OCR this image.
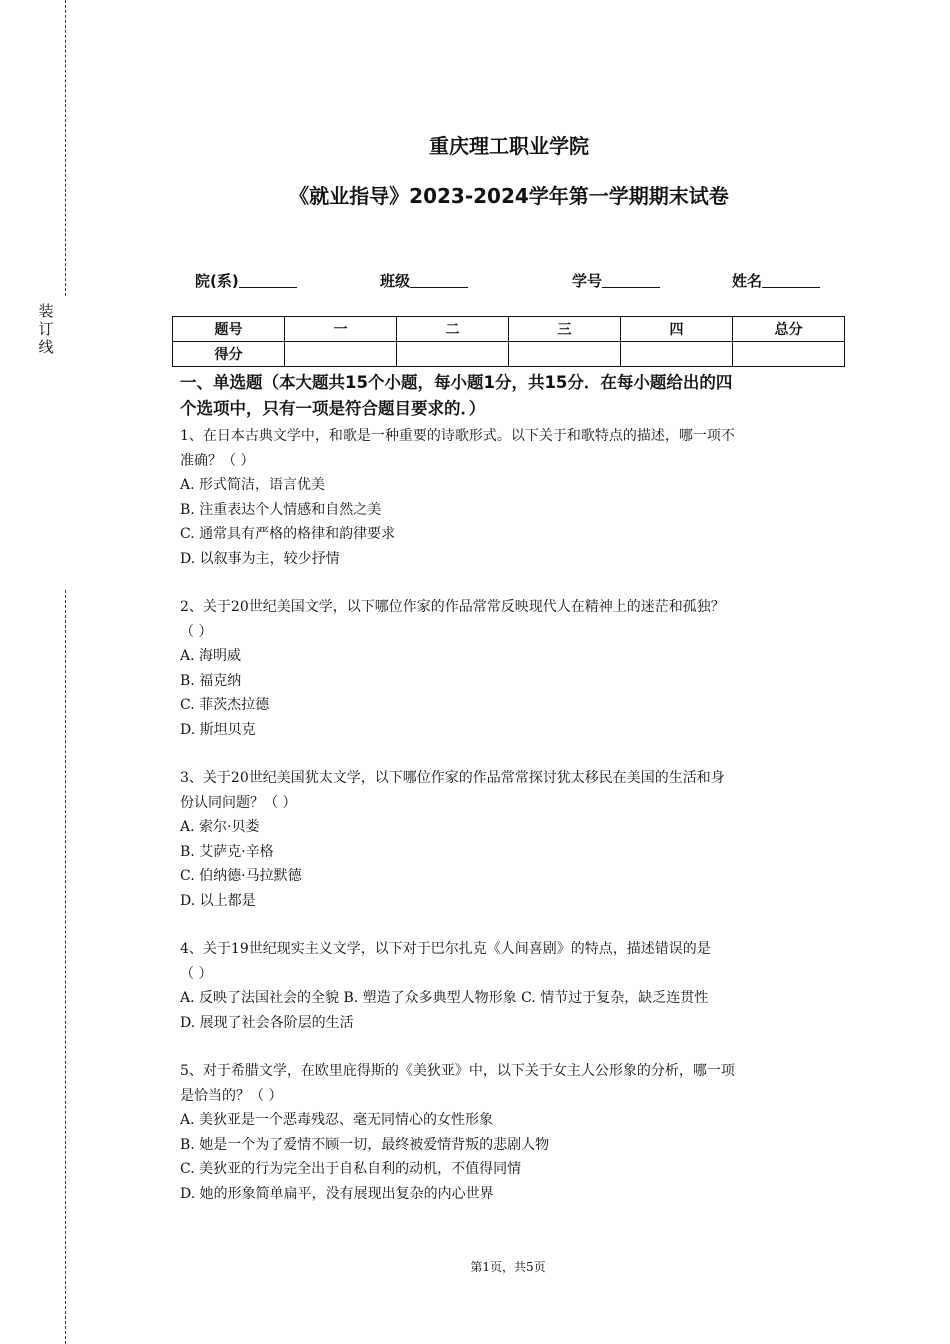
装
订
线
重庆理工职业学院
《就业指导》2023-2024学年第一学期期末试卷
院(系)	班级	学号	姓名
题号	一	二	三	四	总分
得分					
一、单选题（本大题共15个小题，每小题1分，共15分．在每小题给出的四
个选项中，只有一项是符合题目要求的．）

1、在日本古典文学中，和歌是一种重要的诗歌形式。以下关于和歌特点的描述，哪一项不

准确？（ ）

A. 形式简洁，语言优美

B. 注重表达个人情感和自然之美

C. 通常具有严格的格律和韵律要求

D. 以叙事为主，较少抒情

2、关于20世纪美国文学，以下哪位作家的作品常常反映现代人在精神上的迷茫和孤独？

（ ）

A. 海明威

B. 福克纳

C. 菲茨杰拉德

D. 斯坦贝克

3、关于20世纪美国犹太文学，以下哪位作家的作品常常探讨犹太移民在美国的生活和身

份认同问题？（ ）

A. 索尔·贝娄

B. 艾萨克·辛格

C. 伯纳德·马拉默德

D. 以上都是

4、关于19世纪现实主义文学，以下对于巴尔扎克《人间喜剧》的特点，描述错误的是

（ ）

A. 反映了法国社会的全貌 B. 塑造了众多典型人物形象 C. 情节过于复杂，缺乏连贯性

D. 展现了社会各阶层的生活

5、对于希腊文学，在欧里庇得斯的《美狄亚》中，以下关于女主人公形象的分析，哪一项

是恰当的？（ ）

A. 美狄亚是一个恶毒残忍、毫无同情心的女性形象

B. 她是一个为了爱情不顾一切，最终被爱情背叛的悲剧人物

C. 美狄亚的行为完全出于自私自利的动机，不值得同情

D. 她的形象简单扁平，没有展现出复杂的内心世界

第1页，共5页
